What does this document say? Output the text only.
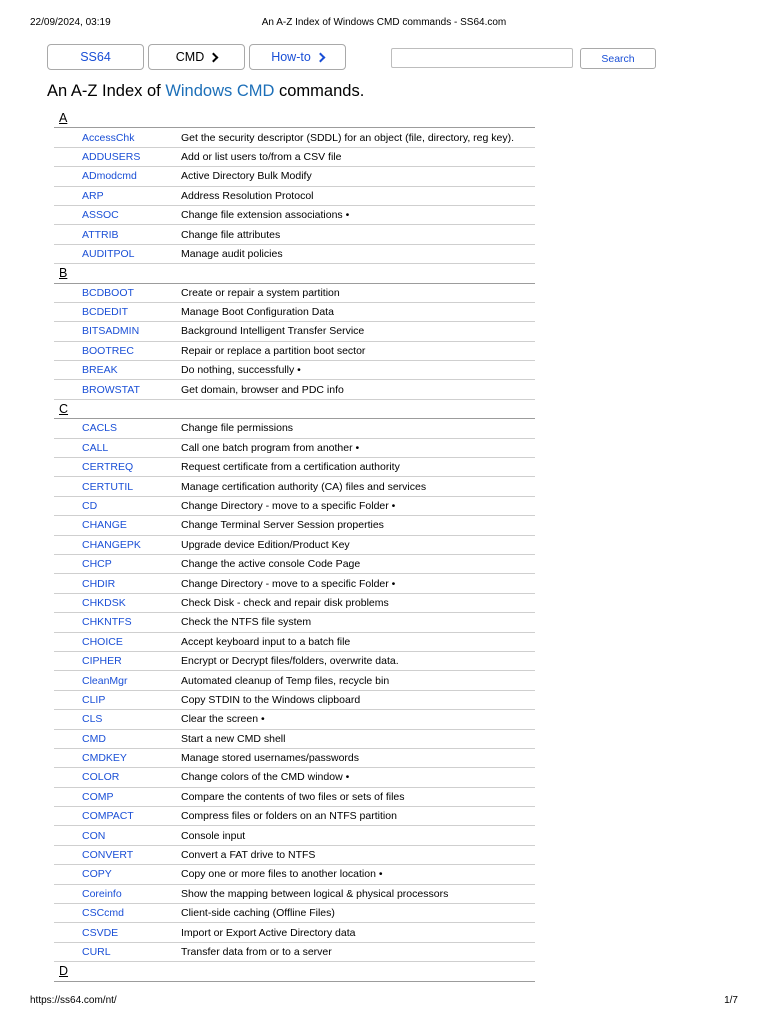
22/09/2024, 03:19	An A-Z Index of Windows CMD commands - SS64.com
SS64	CMD	How-to	Search
An A-Z Index of Windows CMD commands.
A
AccessChk	Get the security descriptor (SDDL) for an object (file, directory, reg key).
ADDUSERS	Add or list users to/from a CSV file
ADmodcmd	Active Directory Bulk Modify
ARP	Address Resolution Protocol
ASSOC	Change file extension associations •
ATTRIB	Change file attributes
AUDITPOL	Manage audit policies
B
BCDBOOT	Create or repair a system partition
BCDEDIT	Manage Boot Configuration Data
BITSADMIN	Background Intelligent Transfer Service
BOOTREC	Repair or replace a partition boot sector
BREAK	Do nothing, successfully •
BROWSTAT	Get domain, browser and PDC info
C
CACLS	Change file permissions
CALL	Call one batch program from another •
CERTREQ	Request certificate from a certification authority
CERTUTIL	Manage certification authority (CA) files and services
CD	Change Directory - move to a specific Folder •
CHANGE	Change Terminal Server Session properties
CHANGEPK	Upgrade device Edition/Product Key
CHCP	Change the active console Code Page
CHDIR	Change Directory - move to a specific Folder •
CHKDSK	Check Disk - check and repair disk problems
CHKNTFS	Check the NTFS file system
CHOICE	Accept keyboard input to a batch file
CIPHER	Encrypt or Decrypt files/folders, overwrite data.
CleanMgr	Automated cleanup of Temp files, recycle bin
CLIP	Copy STDIN to the Windows clipboard
CLS	Clear the screen •
CMD	Start a new CMD shell
CMDKEY	Manage stored usernames/passwords
COLOR	Change colors of the CMD window •
COMP	Compare the contents of two files or sets of files
COMPACT	Compress files or folders on an NTFS partition
CON	Console input
CONVERT	Convert a FAT drive to NTFS
COPY	Copy one or more files to another location •
Coreinfo	Show the mapping between logical & physical processors
CSCcmd	Client-side caching (Offline Files)
CSVDE	Import or Export Active Directory data
CURL	Transfer data from or to a server
D
https://ss64.com/nt/	1/7
